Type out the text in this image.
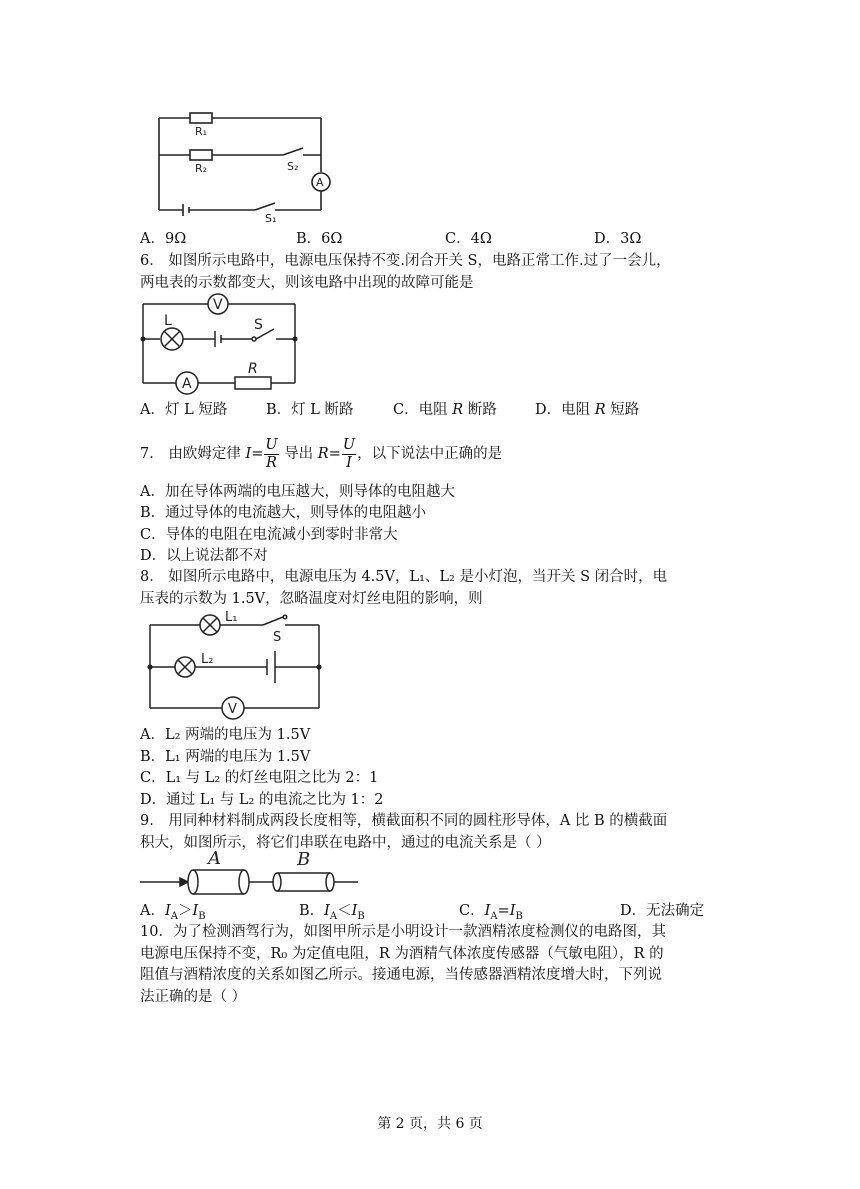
R₁
R₂	S₂
A
S₁
A．9Ω	B．6Ω	C．4Ω	D．3Ω
6． 如图所示电路中，电源电压保持不变.闭合开关 S，电路正常工作.过了一会儿，
两电表的示数都变大，则该电路中出现的故障可能是
V
L	S
A
R
A．灯 L 短路	B．灯 L 断路	C．电阻 R 断路	D．电阻 R 短路
7． 由欧姆定律 $I= \frac{U}{R}$ 导出 $R= \frac{U}{I}$ ，以下说法中正确的是
A．加在导体两端的电压越大，则导体的电阻越大
B．通过导体的电流越大，则导体的电阻越小
C．导体的电阻在电流减小到零时非常大
D．以上说法都不对
8． 如图所示电路中，电源电压为 4.5V，L₁、L₂ 是小灯泡，当开关 S 闭合时，电
压表的示数为 1.5V，忽略温度对灯丝电阻的影响，则
L₁
S
L₂
V
A．L₂ 两端的电压为 1.5V
B．L₁ 两端的电压为 1.5V
C．L₁ 与 L₂ 的灯丝电阻之比为 2：1
D．通过 L₁ 与 L₂ 的电流之比为 1：2
9． 用同种材料制成两段长度相等，横截面积不同的圆柱形导体，A 比 B 的横截面
积大，如图所示，将它们串联在电路中，通过的电流关系是（ ）
A	B
A．$I_A>I_B$	B．$I_A<I_B$	C．$I_A=I_B$	D．无法确定
10．为了检测酒驾行为，如图甲所示是小明设计一款酒精浓度检测仪的电路图，其
电源电压保持不变，R₀ 为定值电阻，R 为酒精气体浓度传感器（气敏电阻），R 的
阻值与酒精浓度的关系如图乙所示。接通电源，当传感器酒精浓度增大时，下列说
法正确的是（ ）
第 2 页，共 6 页
